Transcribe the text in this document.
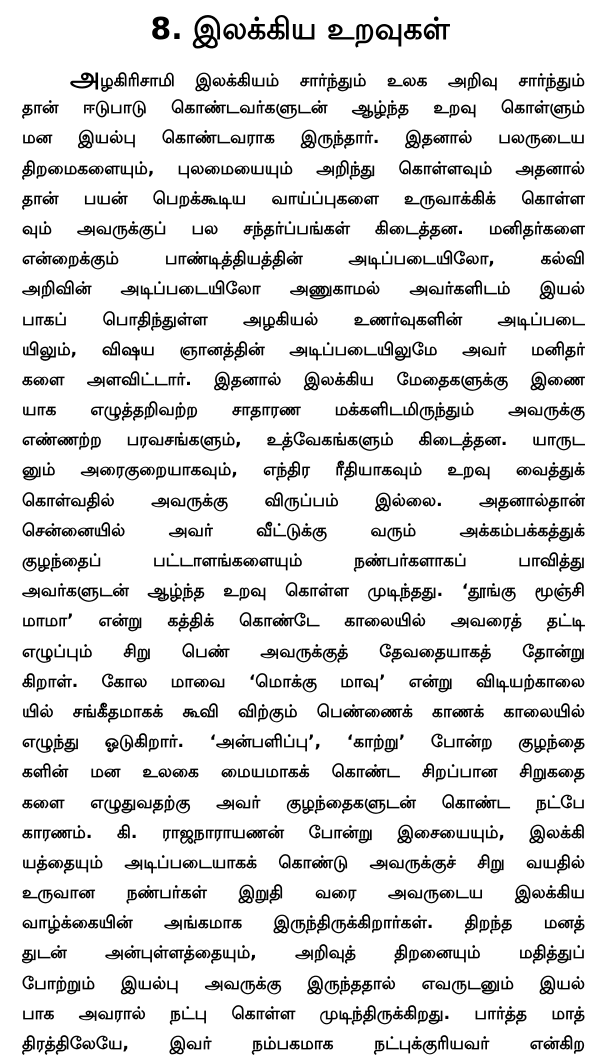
8. இலக்கிய உறவுகள்
அழகிரிசாமி இலக்கியம் சார்ந்தும் உலக அறிவு சார்ந்தும்
தான் ஈடுபாடு கொண்டவர்களுடன் ஆழ்ந்த உறவு கொள்ளும்
மன இயல்பு கொண்டவராக இருந்தார். இதனால் பலருடைய
திறமைகளையும், புலமையையும் அறிந்து கொள்ளவும் அதனால்
தான் பயன் பெறக்கூடிய வாய்ப்புகளை உருவாக்கிக் கொள்ள
வும் அவருக்குப் பல சந்தர்ப்பங்கள் கிடைத்தன. மனிதர்களை
என்றைக்கும் பாண்டித்தியத்தின் அடிப்படையிலோ, கல்வி
அறிவின் அடிப்படையிலோ அணுகாமல் அவர்களிடம் இயல்
பாகப் பொதிந்துள்ள அழகியல் உணர்வுகளின் அடிப்படை
யிலும், விஷய ஞானத்தின் அடிப்படையிலுமே அவர் மனிதர்
களை அளவிட்டார். இதனால் இலக்கிய மேதைகளுக்கு இணை
யாக எழுத்தறிவற்ற சாதாரண மக்களிடமிருந்தும் அவருக்கு
எண்ணற்ற பரவசங்களும், உத்வேகங்களும் கிடைத்தன. யாருட
னும் அரைகுறையாகவும், எந்திர ரீதியாகவும் உறவு வைத்துக்
கொள்வதில் அவருக்கு விருப்பம் இல்லை. அதனால்தான்
சென்னையில் அவர் வீட்டுக்கு வரும் அக்கம்பக்கத்துக்
குழந்தைப் பட்டாளங்களையும் நண்பர்களாகப் பாவித்து
அவர்களுடன் ஆழ்ந்த உறவு கொள்ள முடிந்தது. ‘தூங்கு மூஞ்சி
மாமா’ என்று கத்திக் கொண்டே காலையில் அவரைத் தட்டி
எழுப்பும் சிறு பெண் அவருக்குத் தேவதையாகத் தோன்று
கிறாள். கோல மாவை ‘மொக்கு மாவு’ என்று விடியற்காலை
யில் சங்கீதமாகக் கூவி விற்கும் பெண்ணைக் காணக் காலையில்
எழுந்து ஓடுகிறார். ‘அன்பளிப்பு’, ‘காற்று’ போன்ற குழந்தை
களின் மன உலகை மையமாகக் கொண்ட சிறப்பான சிறுகதை
களை எழுதுவதற்கு அவர் குழந்தைகளுடன் கொண்ட நட்பே
காரணம். கி. ராஜநாராயணன் போன்று இசையையும், இலக்கி
யத்தையும் அடிப்படையாகக் கொண்டு அவருக்குச் சிறு வயதில்
உருவான நண்பர்கள் இறுதி வரை அவருடைய இலக்கிய
வாழ்க்கையின் அங்கமாக இருந்திருக்கிறார்கள். திறந்த மனத்
துடன் அன்புள்ளத்தையும், அறிவுத் திறனையும் மதித்துப்
போற்றும் இயல்பு அவருக்கு இருந்ததால் எவருடனும் இயல்
பாக அவரால் நட்பு கொள்ள முடிந்திருக்கிறது. பார்த்த மாத்
திரத்திலேயே, இவர் நம்பகமாக நட்புக்குரியவர் என்கிற
